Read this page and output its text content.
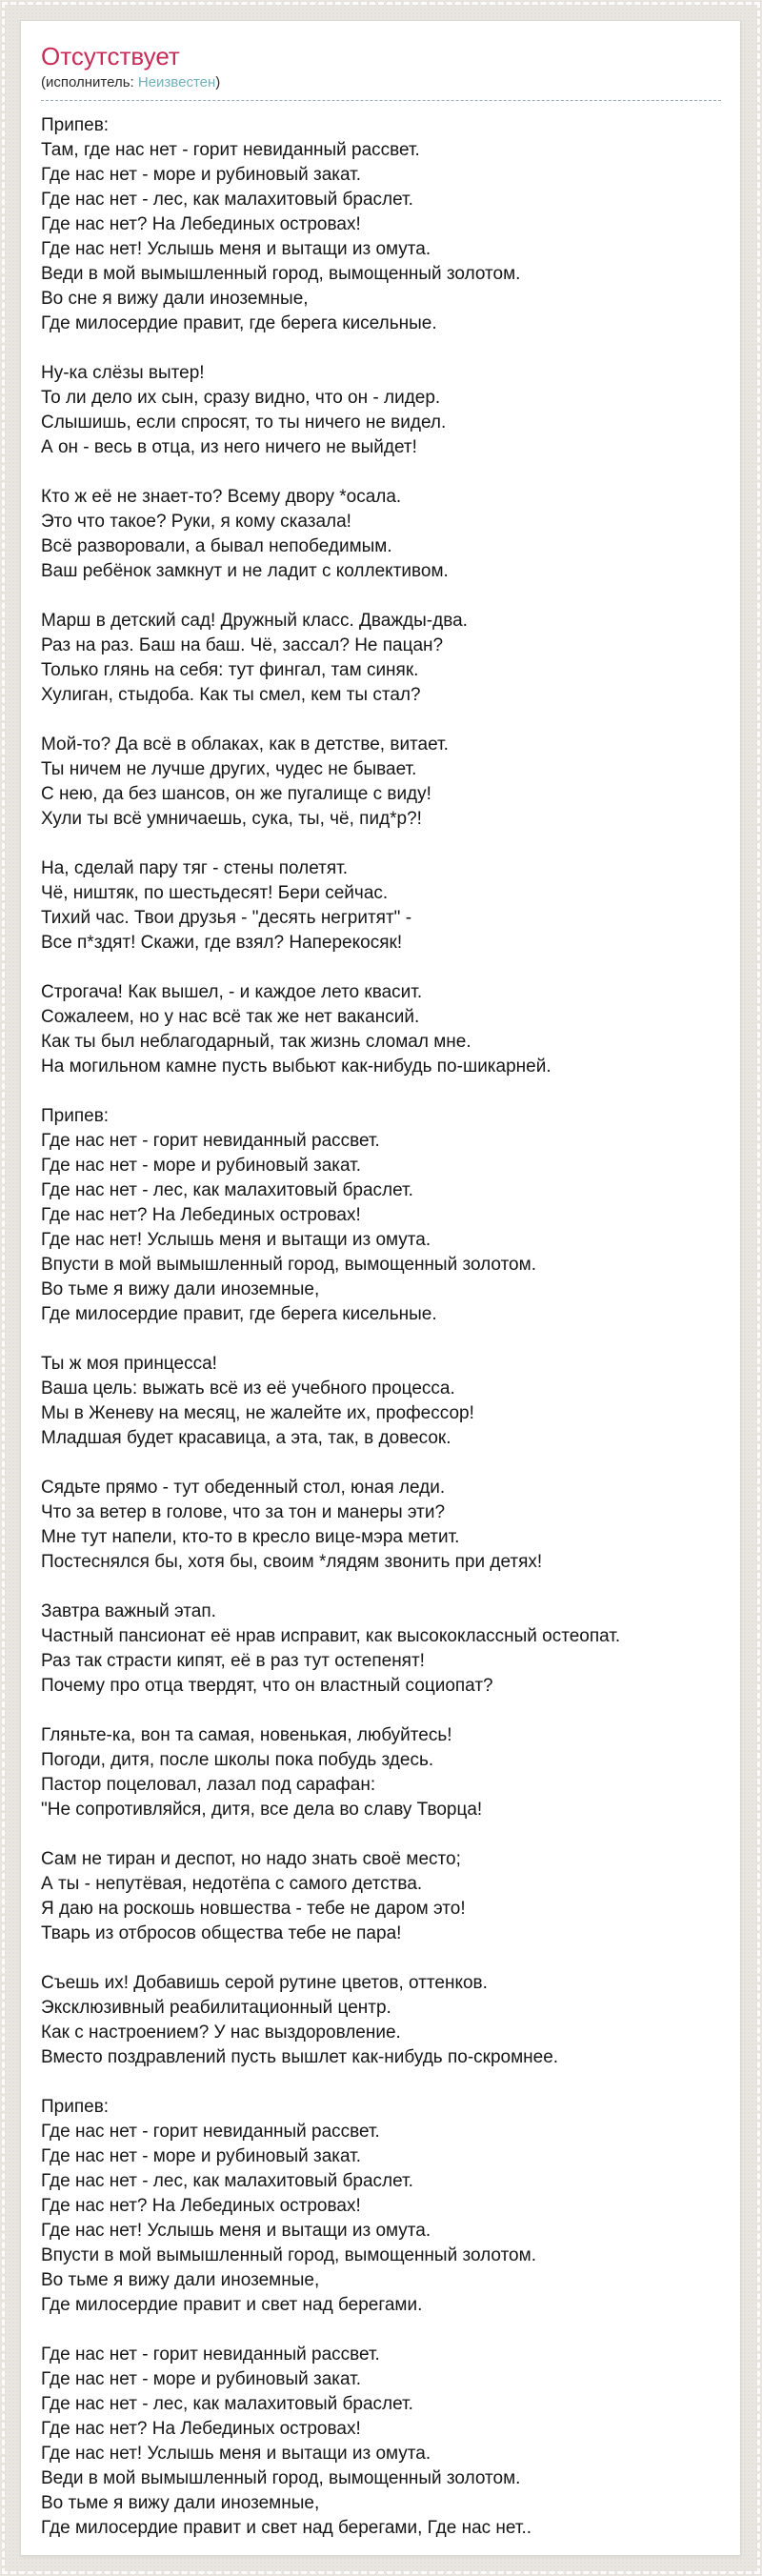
Отсутствует
(исполнитель: Неизвестен)

Припев:
Там, где нас нет - горит невиданный рассвет.
Где нас нет - море и рубиновый закат.
Где нас нет - лес, как малахитовый браслет.
Где нас нет? На Лебединых островах!
Где нас нет! Услышь меня и вытащи из омута.
Веди в мой вымышленный город, вымощенный золотом.
Во сне я вижу дали иноземные,
Где милосердие правит, где берега кисельные.

Ну-ка слёзы вытер!
То ли дело их сын, сразу видно, что он - лидер.
Слышишь, если спросят, то ты ничего не видел.
А он - весь в отца, из него ничего не выйдет!

Кто ж её не знает-то? Всему двору *осала.
Это что такое? Руки, я кому сказала!
Всё разворовали, а бывал непобедимым.
Ваш ребёнок замкнут и не ладит с коллективом.

Марш в детский сад! Дружный класс. Дважды-два.
Раз на раз. Баш на баш. Чё, зассал? Не пацан?
Только глянь на себя: тут фингал, там синяк.
Хулиган, стыдоба. Как ты смел, кем ты стал?

Мой-то? Да всё в облаках, как в детстве, витает.
Ты ничем не лучше других, чудес не бывает.
С нею, да без шансов, он же пугалище с виду!
Хули ты всё умничаешь, сука, ты, чё, пид*р?!

На, сделай пару тяг - стены полетят.
Чё, ништяк, по шестьдесят! Бери сейчас.
Тихий час. Твои друзья - "десять негритят" -
Все п*здят! Скажи, где взял? Наперекосяк!

Строгача! Как вышел, - и каждое лето квасит.
Сожалеем, но у нас всё так же нет вакансий.
Как ты был неблагодарный, так жизнь сломал мне.
На могильном камне пусть выбьют как-нибудь по-шикарней.

Припев:
Где нас нет - горит невиданный рассвет.
Где нас нет - море и рубиновый закат.
Где нас нет - лес, как малахитовый браслет.
Где нас нет? На Лебединых островах!
Где нас нет! Услышь меня и вытащи из омута.
Впусти в мой вымышленный город, вымощенный золотом.
Во тьме я вижу дали иноземные,
Где милосердие правит, где берега кисельные.

Ты ж моя принцесса!
Ваша цель: выжать всё из её учебного процесса.
Мы в Женеву на месяц, не жалейте их, профессор!
Младшая будет красавица, а эта, так, в довесок.

Сядьте прямо - тут обеденный стол, юная леди.
Что за ветер в голове, что за тон и манеры эти?
Мне тут напели, кто-то в кресло вице-мэра метит.
Постеснялся бы, хотя бы, своим *лядям звонить при детях!

Завтра важный этап.
Частный пансионат её нрав исправит, как высококлассный остеопат.
Раз так страсти кипят, её в раз тут остепенят!
Почему про отца твердят, что он властный социопат?

Гляньте-ка, вон та самая, новенькая, любуйтесь!
Погоди, дитя, после школы пока побудь здесь.
Пастор поцеловал, лазал под сарафан:
"Не сопротивляйся, дитя, все дела во славу Творца!

Сам не тиран и деспот, но надо знать своё место;
А ты - непутёвая, недотёпа с самого детства.
Я даю на роскошь новшества - тебе не даром это!
Тварь из отбросов общества тебе не пара!

Съешь их! Добавишь серой рутине цветов, оттенков.
Эксклюзивный реабилитационный центр.
Как с настроением? У нас выздоровление.
Вместо поздравлений пусть вышлет как-нибудь по-скромнее.

Припев:
Где нас нет - горит невиданный рассвет.
Где нас нет - море и рубиновый закат.
Где нас нет - лес, как малахитовый браслет.
Где нас нет? На Лебединых островах!
Где нас нет! Услышь меня и вытащи из омута.
Впусти в мой вымышленный город, вымощенный золотом.
Во тьме я вижу дали иноземные,
Где милосердие правит и свет над берегами.

Где нас нет - горит невиданный рассвет.
Где нас нет - море и рубиновый закат.
Где нас нет - лес, как малахитовый браслет.
Где нас нет? На Лебединых островах!
Где нас нет! Услышь меня и вытащи из омута.
Веди в мой вымышленный город, вымощенный золотом.
Во тьме я вижу дали иноземные,
Где милосердие правит и свет над берегами, Где нас нет..
